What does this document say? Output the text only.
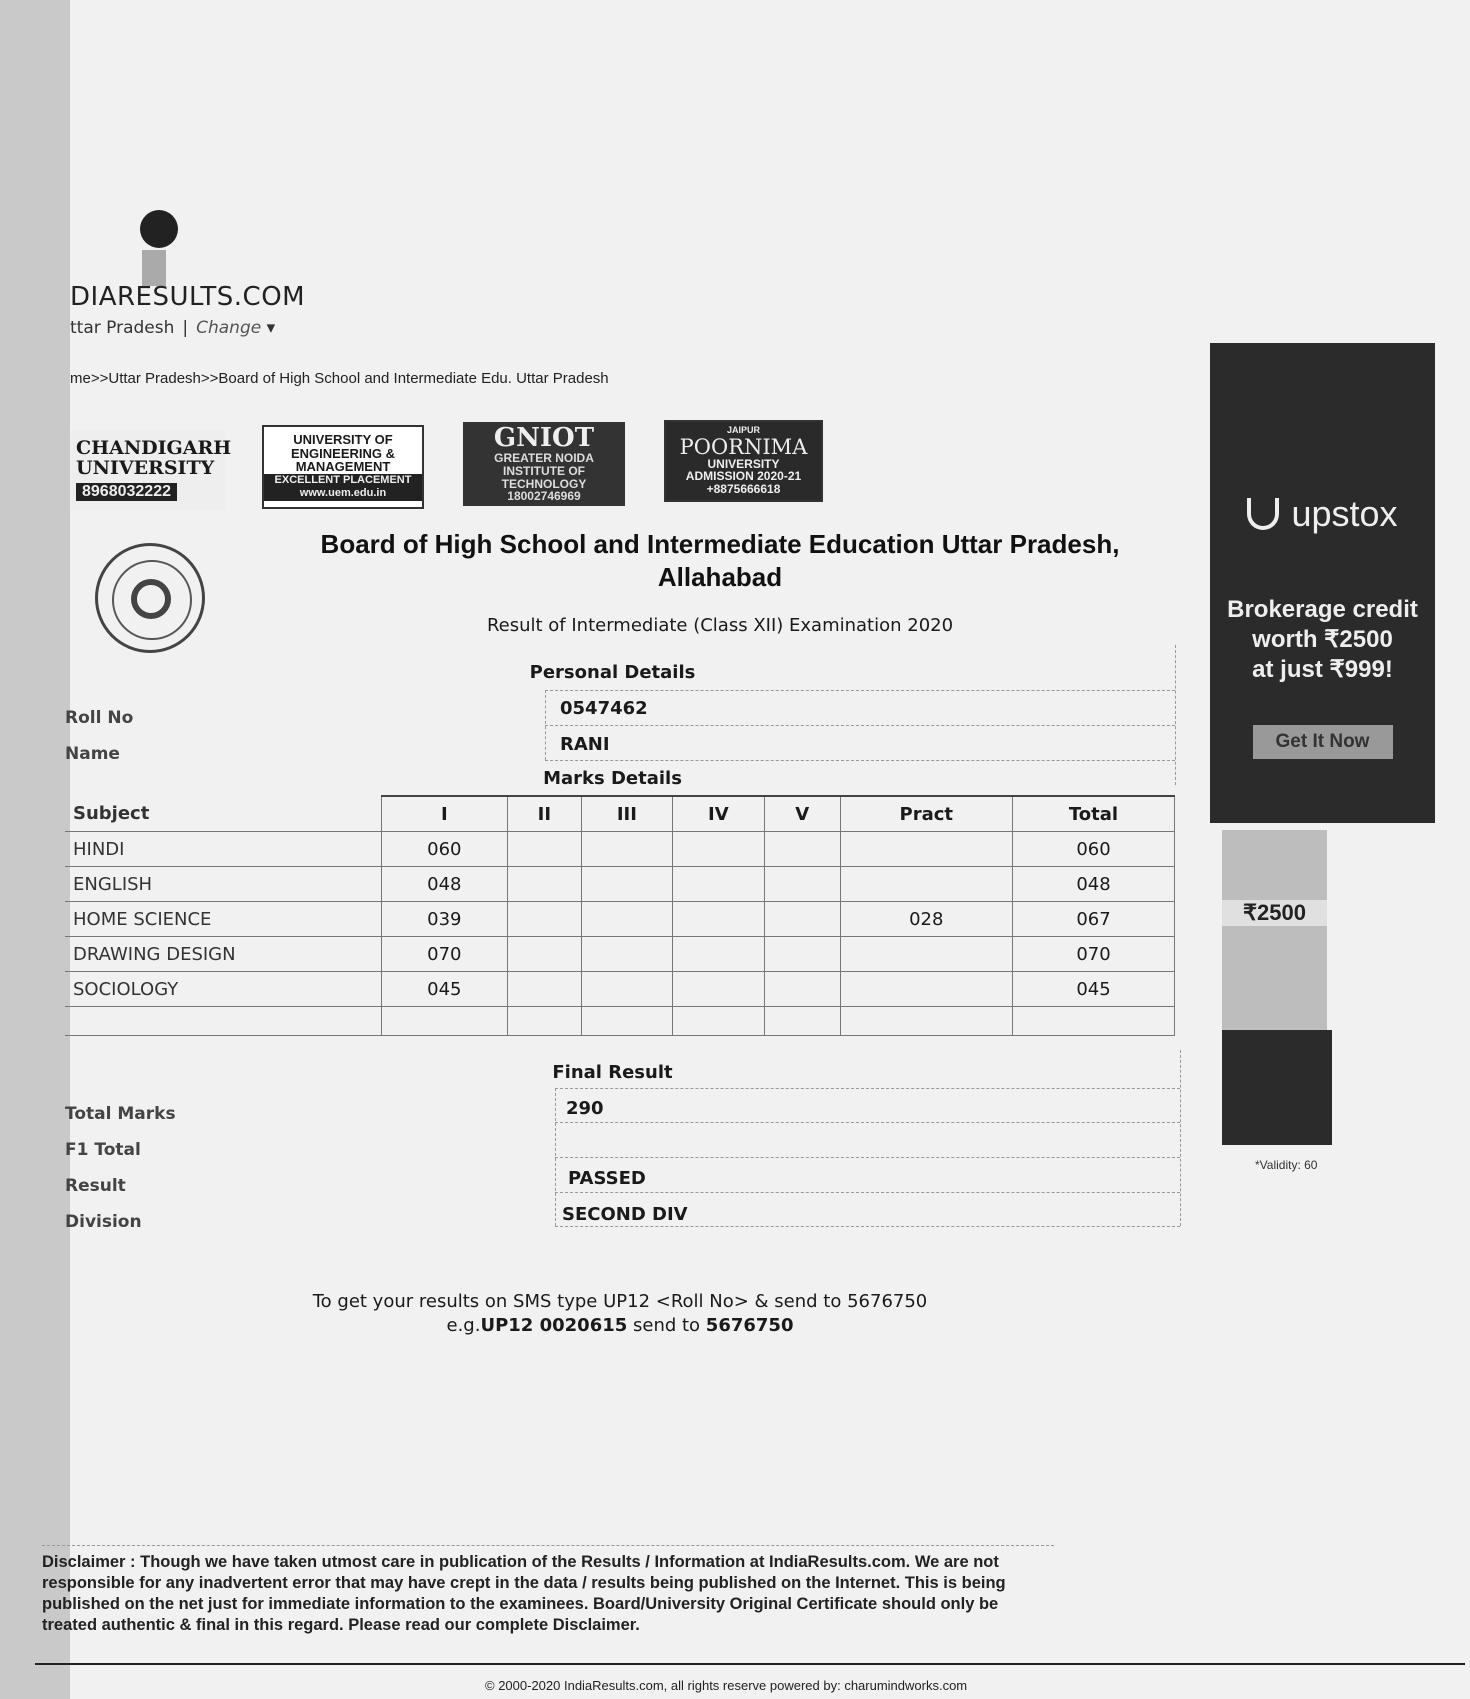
DIARESULTS.COM
ttar Pradesh | Change ▾
me>>Uttar Pradesh>>Board of High School and Intermediate Edu. Uttar Pradesh
CHANDIGARH
UNIVERSITY
8968032222
UNIVERSITY OF
ENGINEERING &
MANAGEMENT
EXCELLENT PLACEMENT
www.uem.edu.in
GNIOT
GREATER NOIDA
INSTITUTE OF
TECHNOLOGY
18002746969
JAIPUR
POORNIMA
UNIVERSITY
ADMISSION 2020-21
+8875666618
Board of High School and Intermediate Education Uttar Pradesh,
Allahabad
Result of Intermediate (Class XII) Examination 2020
Personal Details
Roll No	0547462
Name	RANI
Marks Details
Subject	I	II	III	IV	V	Pract	Total
HINDI	060						060
ENGLISH	048						048
HOME SCIENCE	039					028	067
DRAWING DESIGN	070						070
SOCIOLOGY	045						045

Final Result
Total Marks	290
F1 Total
Result	PASSED
Division	SECOND DIV
To get your results on SMS type UP12 <Roll No> & send to 5676750
e.g.UP12 0020615 send to 5676750
Disclaimer : Though we have taken utmost care in publication of the Results / Information at IndiaResults.com. We are not responsible for any inadvertent error that may have crept in the data / results being published on the Internet. This is being published on the net just for immediate information to the examinees. Board/University Original Certificate should only be treated authentic & final in this regard. Please read our complete Disclaimer.
© 2000-2020 IndiaResults.com, all rights reserve powered by: charumindworks.com
upstox
Brokerage credit
worth ₹2500
at just ₹999!
Get It Now
₹2500
*Validity: 60
